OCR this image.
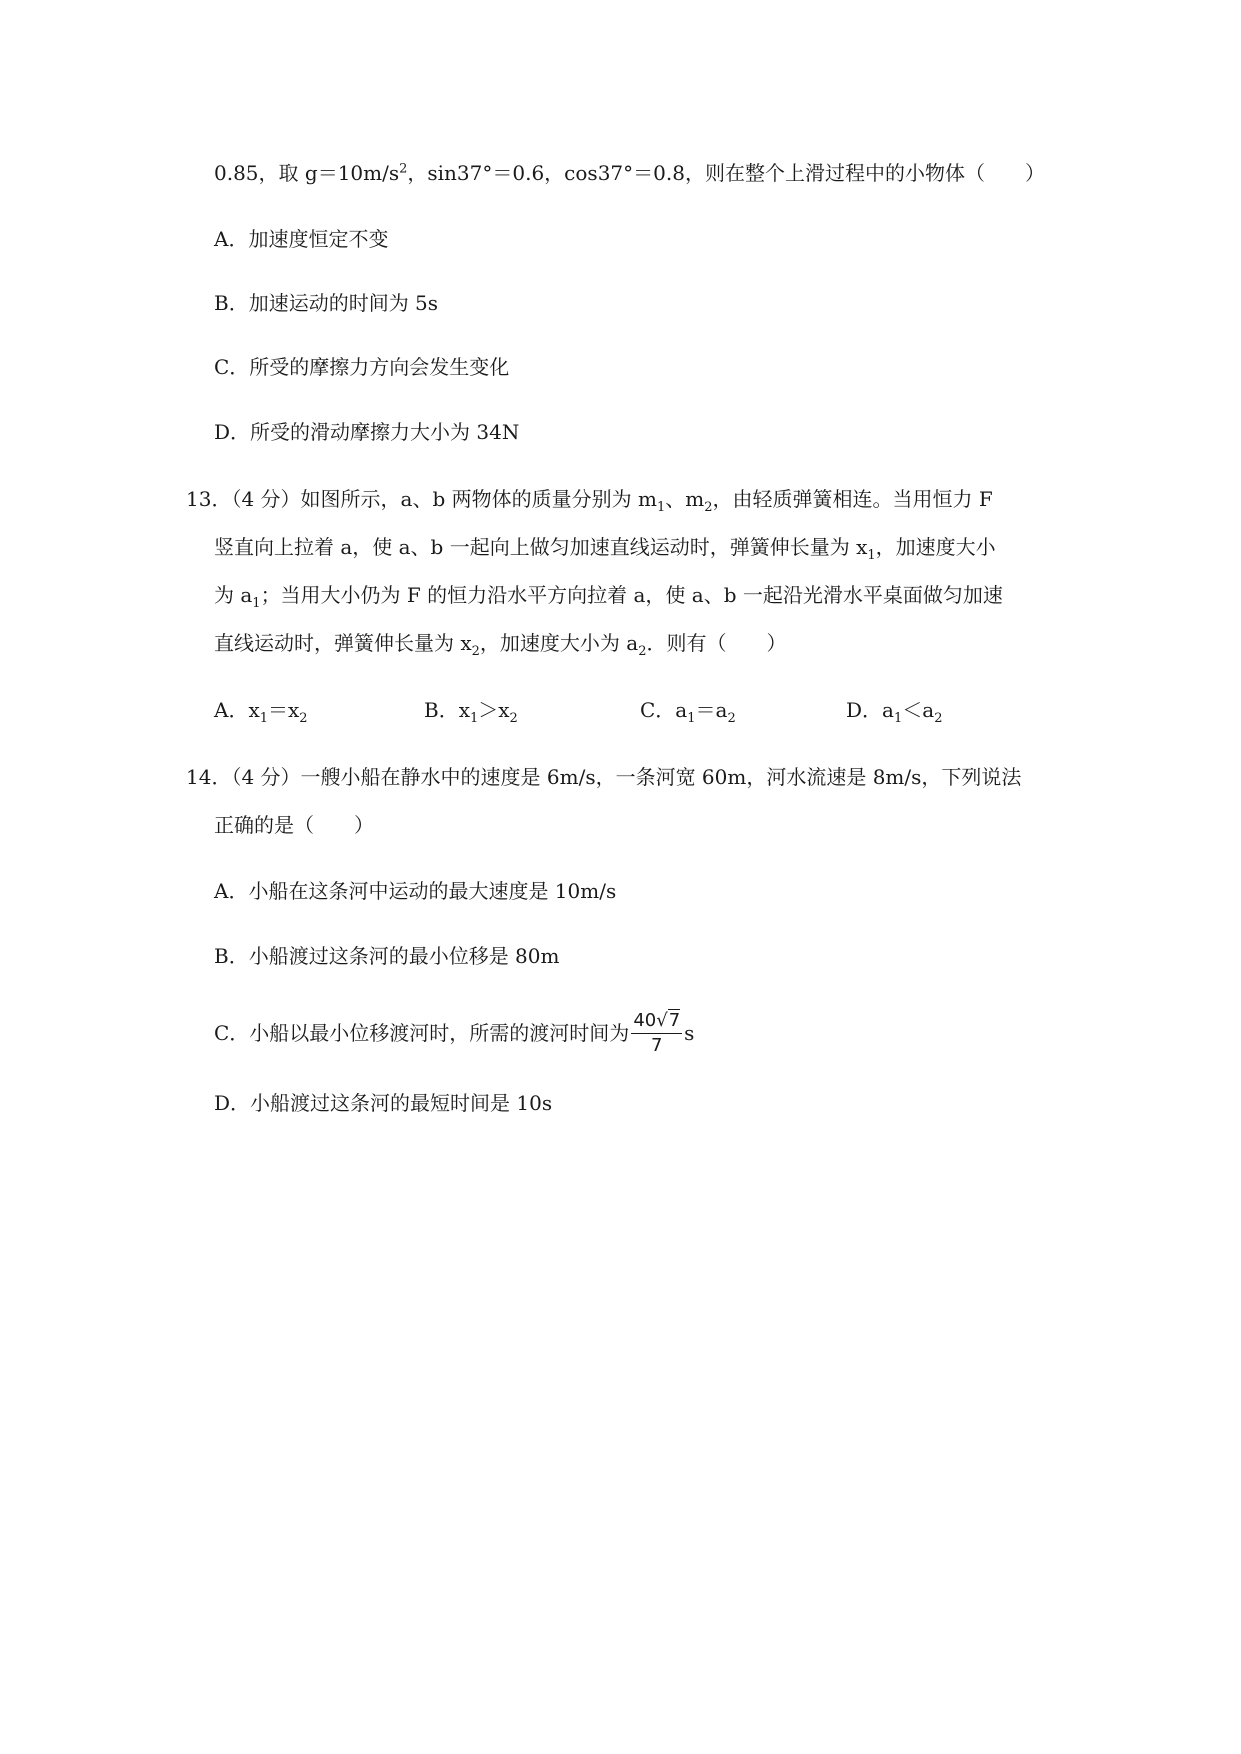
0.85，取 $g=10m/s^2$，sin37°＝0.6，cos37°＝0.8，则在整个上滑过程中的小物体（　　）
A．加速度恒定不变
B．加速运动的时间为 5s
C．所受的摩擦力方向会发生变化
D．所受的滑动摩擦力大小为 34N
13．（4 分）如图所示，a、b 两物体的质量分别为 $m_1$、$m_2$，由轻质弹簧相连。当用恒力 F
竖直向上拉着 a，使 a、b 一起向上做匀加速直线运动时，弹簧伸长量为 $x_1$，加速度大小
为 $a_1$；当用大小仍为 F 的恒力沿水平方向拉着 a，使 a、b 一起沿光滑水平桌面做匀加速
直线运动时，弹簧伸长量为 $x_2$，加速度大小为 $a_2$．则有（　　）
A．$x_1=x_2$	B．$x_1>x_2$	C．$a_1=a_2$	D．$a_1<a_2$
14．（4 分）一艘小船在静水中的速度是 6m/s，一条河宽 60m，河水流速是 8m/s，下列说法
正确的是（　　）
A．小船在这条河中运动的最大速度是 10m/s
B．小船渡过这条河的最小位移是 80m
C．小船以最小位移渡河时，所需的渡河时间为 $\frac{40√7}{7}$ s
D．小船渡过这条河的最短时间是 10s
